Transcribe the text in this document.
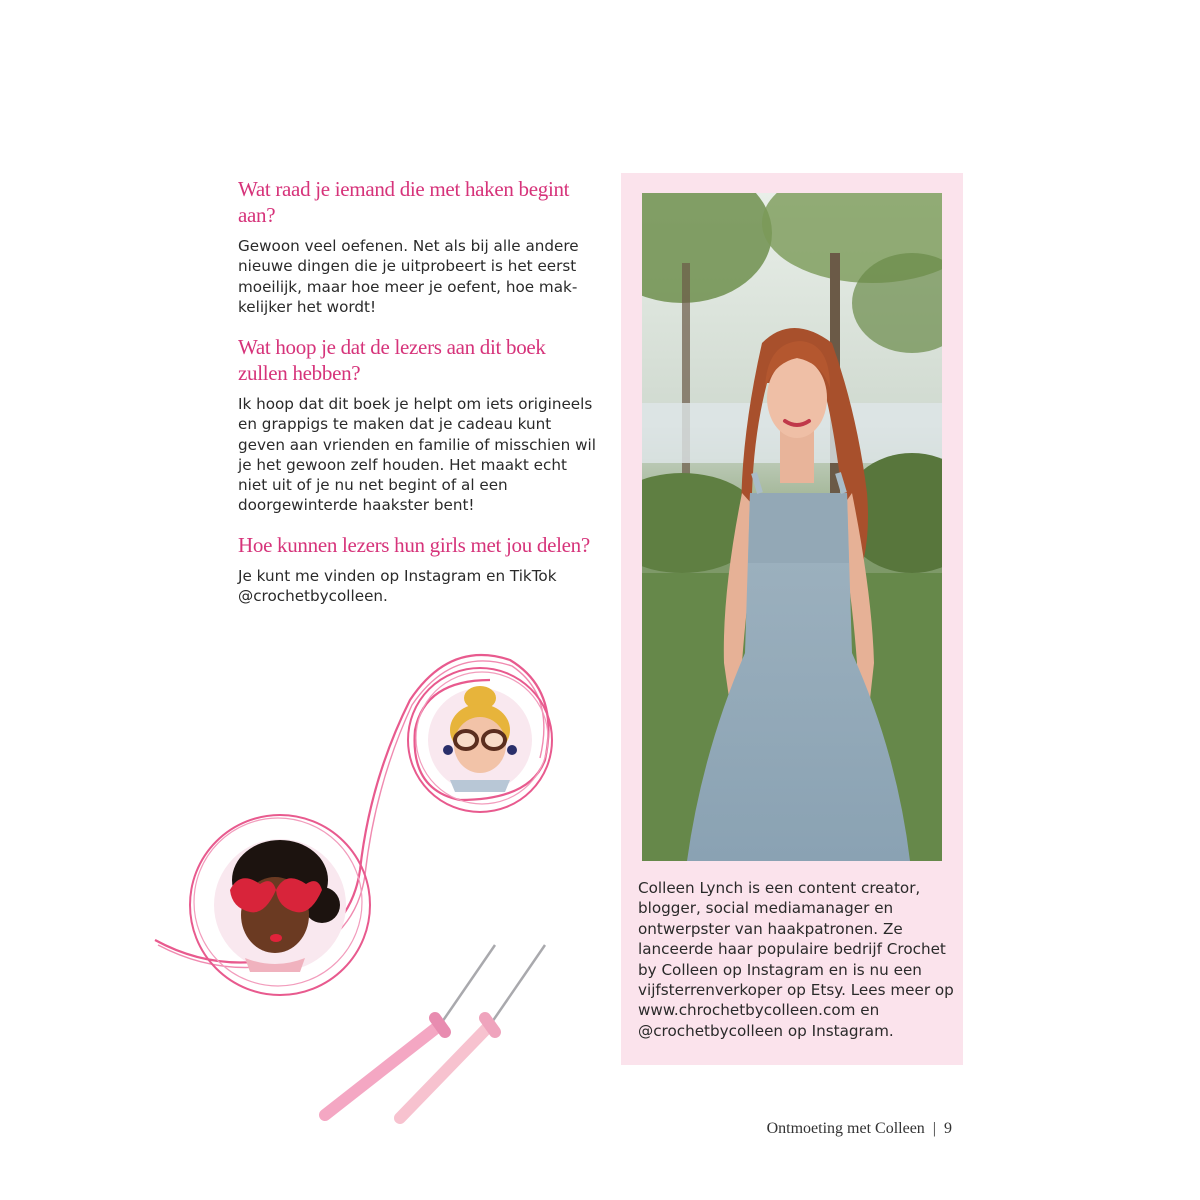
Wat raad je iemand die met haken begint aan?

Gewoon veel oefenen. Net als bij alle andere nieuwe dingen die je uitprobeert is het eerst moeilijk, maar hoe meer je oefent, hoe mak-kelijker het wordt!

Wat hoop je dat de lezers aan dit boek zullen hebben?

Ik hoop dat dit boek je helpt om iets origineels en grappigs te maken dat je cadeau kunt geven aan vrienden en familie of misschien wil je het gewoon zelf houden. Het maakt echt niet uit of je nu net begint of al een doorgewinterde haakster bent!

Hoe kunnen lezers hun girls met jou delen?

Je kunt me vinden op Instagram en TikTok @crochetbycolleen.

Colleen Lynch is een content creator, blogger, social mediamanager en ontwerpster van haakpatronen. Ze lanceerde haar populaire bedrijf Crochet by Colleen op Instagram en is nu een vijfsterrenverkoper op Etsy. Lees meer op www.chrochetbycolleen.com en @crochetbycolleen op Instagram.

Ontmoeting met Colleen | 9
